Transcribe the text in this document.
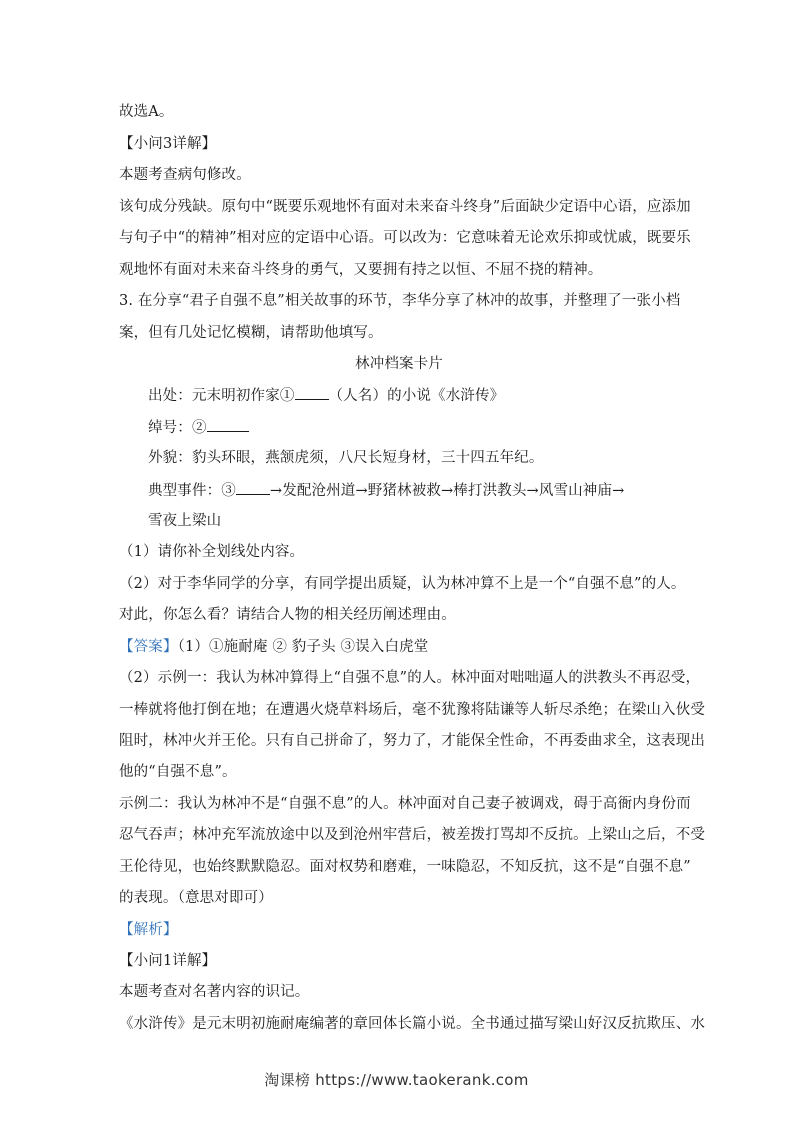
故选A。
【小问3详解】
本题考查病句修改。
该句成分残缺。原句中“既要乐观地怀有面对未来奋斗终身”后面缺少定语中心语，应添加
与句子中“的精神”相对应的定语中心语。可以改为：它意味着无论欢乐抑或忧戚，既要乐
观地怀有面对未来奋斗终身的勇气，又要拥有持之以恒、不屈不挠的精神。
3. 在分享“君子自强不息”相关故事的环节，李华分享了林冲的故事，并整理了一张小档
案，但有几处记忆模糊，请帮助他填写。
林冲档案卡片
出处：元末明初作家① （人名）的小说《水浒传》
绰号：②
外貌：豹头环眼，燕颔虎须，八尺长短身材，三十四五年纪。
典型事件：③ →发配沧州道→野猪林被救→棒打洪教头→风雪山神庙→
雪夜上梁山
（1）请你补全划线处内容。
（2）对于李华同学的分享，有同学提出质疑，认为林冲算不上是一个“自强不息”的人。
对此，你怎么看？请结合人物的相关经历阐述理由。
【答案】（1）①施耐庵 ② 豹子头 ③误入白虎堂
（2）示例一：我认为林冲算得上“自强不息”的人。林冲面对咄咄逼人的洪教头不再忍受，
一棒就将他打倒在地；在遭遇火烧草料场后，毫不犹豫将陆谦等人斩尽杀绝；在梁山入伙受
阻时，林冲火并王伦。只有自己拼命了，努力了，才能保全性命，不再委曲求全，这表现出
他的“自强不息”。
示例二：我认为林冲不是“自强不息”的人。林冲面对自己妻子被调戏，碍于高衙内身份而
忍气吞声；林冲充军流放途中以及到沧州牢营后，被差拨打骂却不反抗。上梁山之后，不受
王伦待见，也始终默默隐忍。面对权势和磨难，一味隐忍，不知反抗，这不是“自强不息”
的表现。（意思对即可）
【解析】
【小问1详解】
本题考查对名著内容的识记。
《水浒传》是元末明初施耐庵编著的章回体长篇小说。全书通过描写梁山好汉反抗欺压、水
淘课榜 https://www.taokerank.com
